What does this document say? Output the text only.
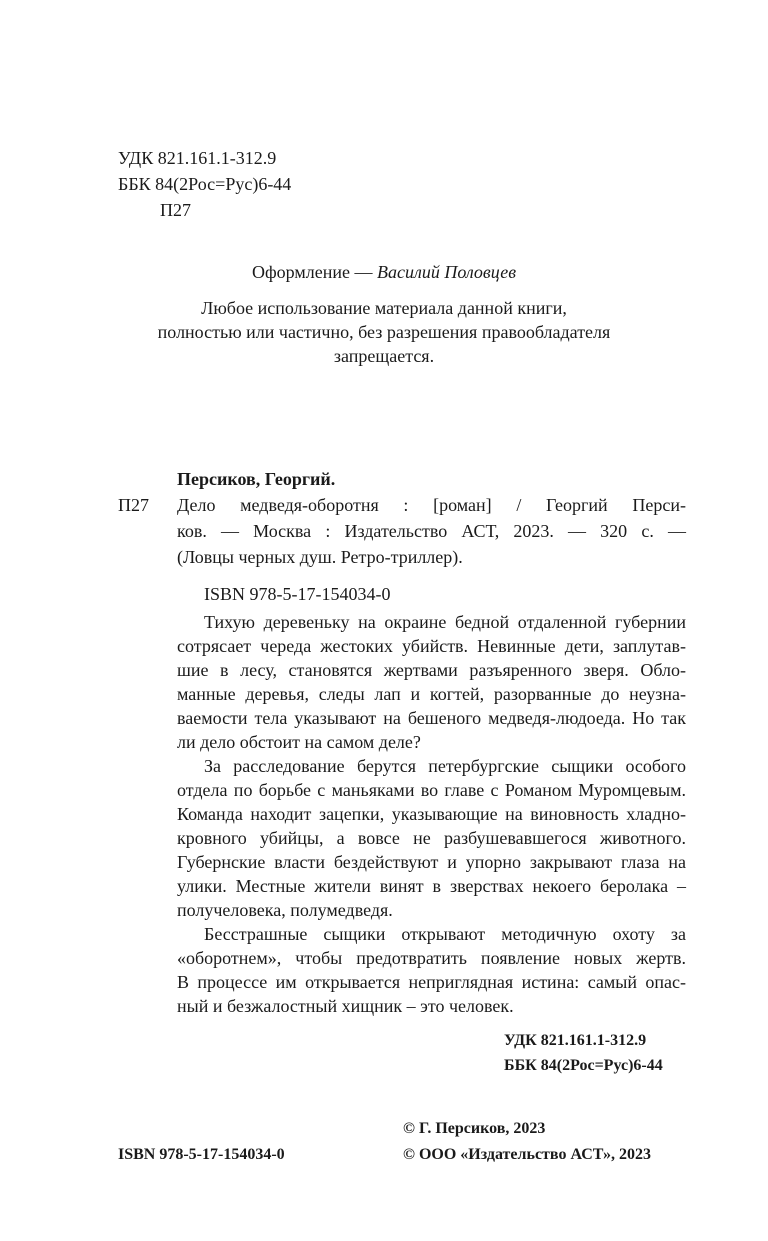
УДК 821.161.1-312.9
ББК 84(2Рос=Рус)6-44
П27
Оформление — Василий Половцев
Любое использование материала данной книги,
полностью или частично, без разрешения правообладателя
запрещается.
Персиков, Георгий.
П27 Дело медведя-оборотня : [роман] / Георгий Перси-
ков. — Москва : Издательство АСТ, 2023. — 320 с. —
(Ловцы черных душ. Ретро-триллер).
ISBN 978-5-17-154034-0
Тихую деревеньку на окраине бедной отдаленной губернии
сотрясает череда жестоких убийств. Невинные дети, заплутав-
шие в лесу, становятся жертвами разъяренного зверя. Обло-
манные деревья, следы лап и когтей, разорванные до неузна-
ваемости тела указывают на бешеного медведя-людоеда. Но так
ли дело обстоит на самом деле?
За расследование берутся петербургские сыщики особого
отдела по борьбе с маньяками во главе с Романом Муромцевым.
Команда находит зацепки, указывающие на виновность хладно-
кровного убийцы, а вовсе не разбушевавшегося животного.
Губернские власти бездействуют и упорно закрывают глаза на
улики. Местные жители винят в зверствах некоего беролака –
получеловека, полумедведя.
Бесстрашные сыщики открывают методичную охоту за
«оборотнем», чтобы предотвратить появление новых жертв.
В процессе им открывается неприглядная истина: самый опас-
ный и безжалостный хищник – это человек.
УДК 821.161.1-312.9
ББК 84(2Рос=Рус)6-44
© Г. Персиков, 2023
ISBN 978-5-17-154034-0	© ООО «Издательство АСТ», 2023
